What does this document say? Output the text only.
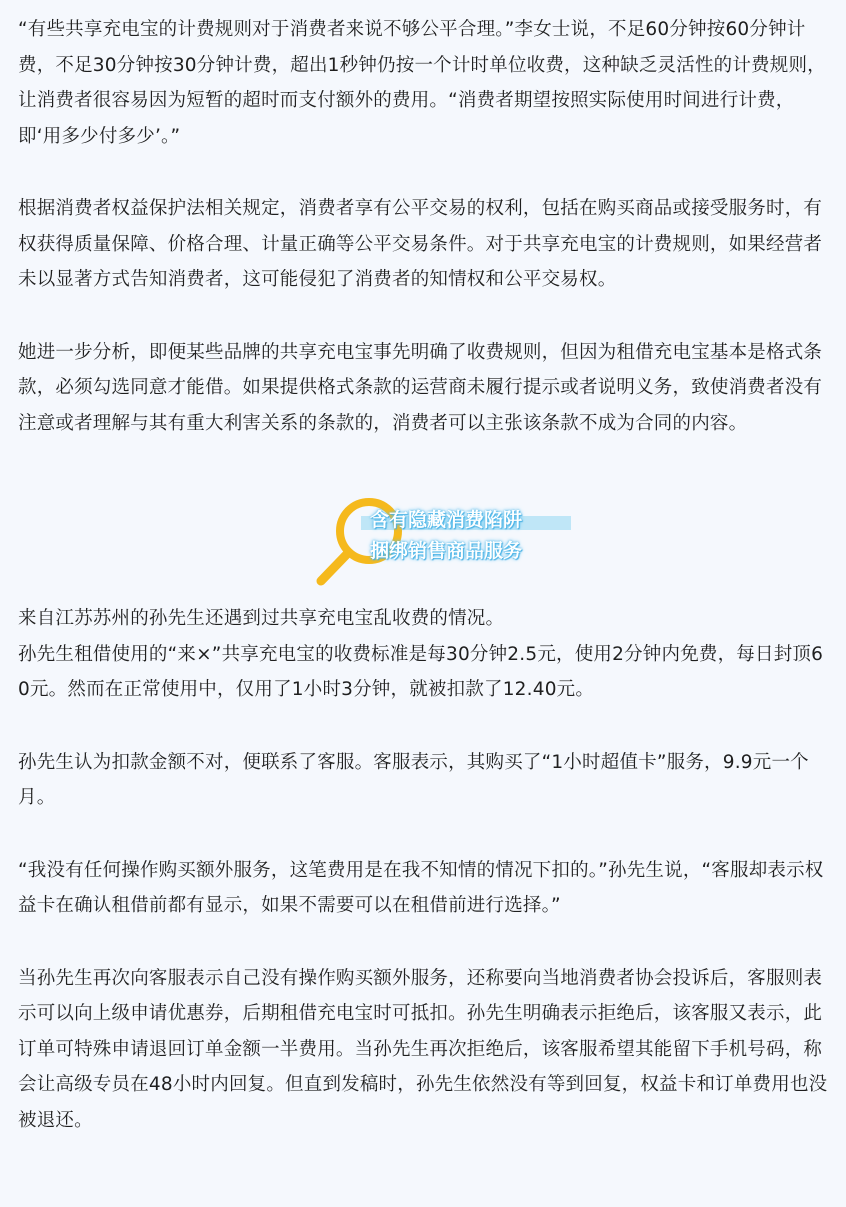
“有些共享充电宝的计费规则对于消费者来说不够公平合理。”李女士说，不足60分钟按60分钟计费，不足30分钟按30分钟计费，超出1秒钟仍按一个计时单位收费，这种缺乏灵活性的计费规则，让消费者很容易因为短暂的超时而支付额外的费用。“消费者期望按照实际使用时间进行计费，即‘用多少付多少’。”

根据消费者权益保护法相关规定，消费者享有公平交易的权利，包括在购买商品或接受服务时，有权获得质量保障、价格合理、计量正确等公平交易条件。对于共享充电宝的计费规则，如果经营者未以显著方式告知消费者，这可能侵犯了消费者的知情权和公平交易权。

她进一步分析，即便某些品牌的共享充电宝事先明确了收费规则，但因为租借充电宝基本是格式条款，必须勾选同意才能借。如果提供格式条款的运营商未履行提示或者说明义务，致使消费者没有注意或者理解与其有重大利害关系的条款的，消费者可以主张该条款不成为合同的内容。

含有隐藏消费陷阱
捆绑销售商品服务

来自江苏苏州的孙先生还遇到过共享充电宝乱收费的情况。
孙先生租借使用的“来×”共享充电宝的收费标准是每30分钟2.5元，使用2分钟内免费，每日封顶60元。然而在正常使用中，仅用了1小时3分钟，就被扣款了12.40元。

孙先生认为扣款金额不对，便联系了客服。客服表示，其购买了“1小时超值卡”服务，9.9元一个月。

“我没有任何操作购买额外服务，这笔费用是在我不知情的情况下扣的。”孙先生说，“客服却表示权益卡在确认租借前都有显示，如果不需要可以在租借前进行选择。”

当孙先生再次向客服表示自己没有操作购买额外服务，还称要向当地消费者协会投诉后，客服则表示可以向上级申请优惠券，后期租借充电宝时可抵扣。孙先生明确表示拒绝后，该客服又表示，此订单可特殊申请退回订单金额一半费用。当孙先生再次拒绝后，该客服希望其能留下手机号码，称会让高级专员在48小时内回复。但直到发稿时，孙先生依然没有等到回复，权益卡和订单费用也没被退还。
